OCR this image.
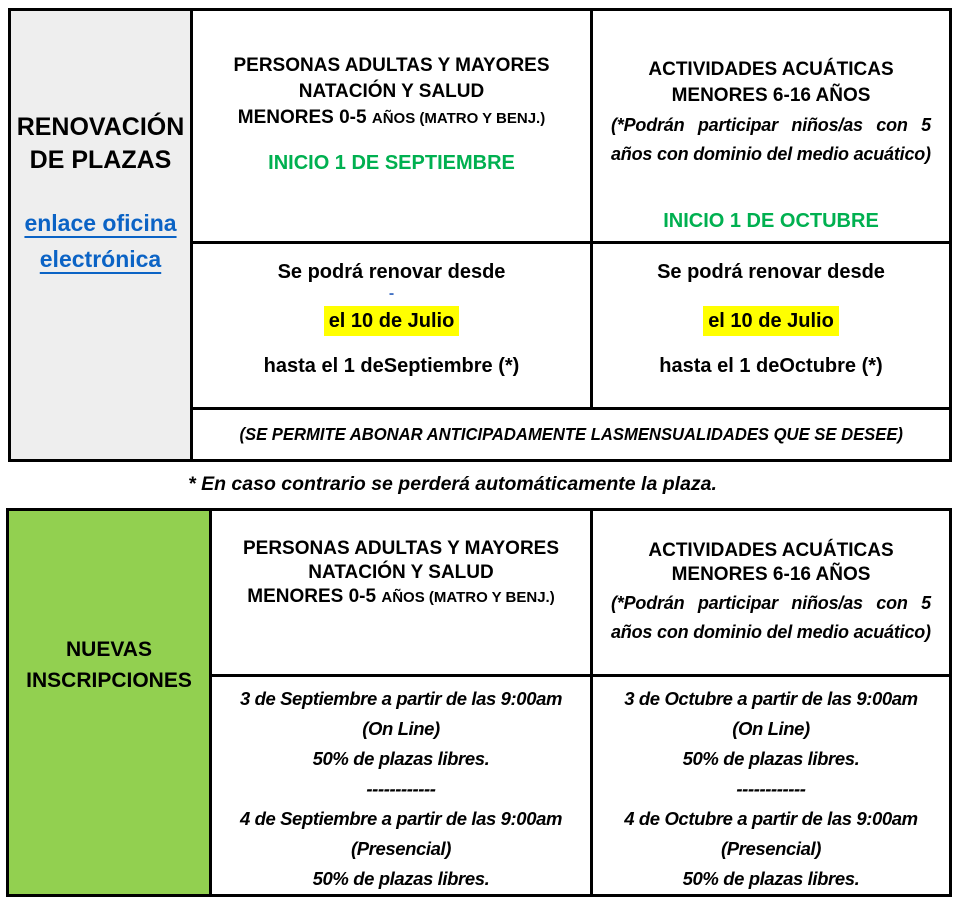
RENOVACIÓN
DE PLAZAS
enlace oficina
electrónica
PERSONAS ADULTAS Y MAYORES
NATACIÓN Y SALUD
MENORES 0-5 AÑOS (MATRO Y BENJ.)
INICIO 1 DE SEPTIEMBRE
ACTIVIDADES ACUÁTICAS
MENORES 6-16 AÑOS
(*Podrán participar niños/as con 5 años con dominio del medio acuático)
INICIO 1 DE OCTUBRE
Se podrá renovar desde
-
el 10 de Julio
hasta el 1 deSeptiembre (*)
Se podrá renovar desde
el 10 de Julio
hasta el 1 deOctubre (*)
(SE PERMITE ABONAR ANTICIPADAMENTE LASMENSUALIDADES QUE SE DESEE)
* En caso contrario se perderá automáticamente la plaza.
NUEVAS
INSCRIPCIONES
PERSONAS ADULTAS Y MAYORES
NATACIÓN Y SALUD
MENORES 0-5 AÑOS (MATRO Y BENJ.)
ACTIVIDADES ACUÁTICAS
MENORES 6-16 AÑOS
(*Podrán participar niños/as con 5 años con dominio del medio acuático)
3 de Septiembre a partir de las 9:00am
(On Line)
50% de plazas libres.
------------
4 de Septiembre a partir de las 9:00am
(Presencial)
50% de plazas libres.
3 de Octubre a partir de las 9:00am
(On Line)
50% de plazas libres.
------------
4 de Octubre a partir de las 9:00am
(Presencial)
50% de plazas libres.
